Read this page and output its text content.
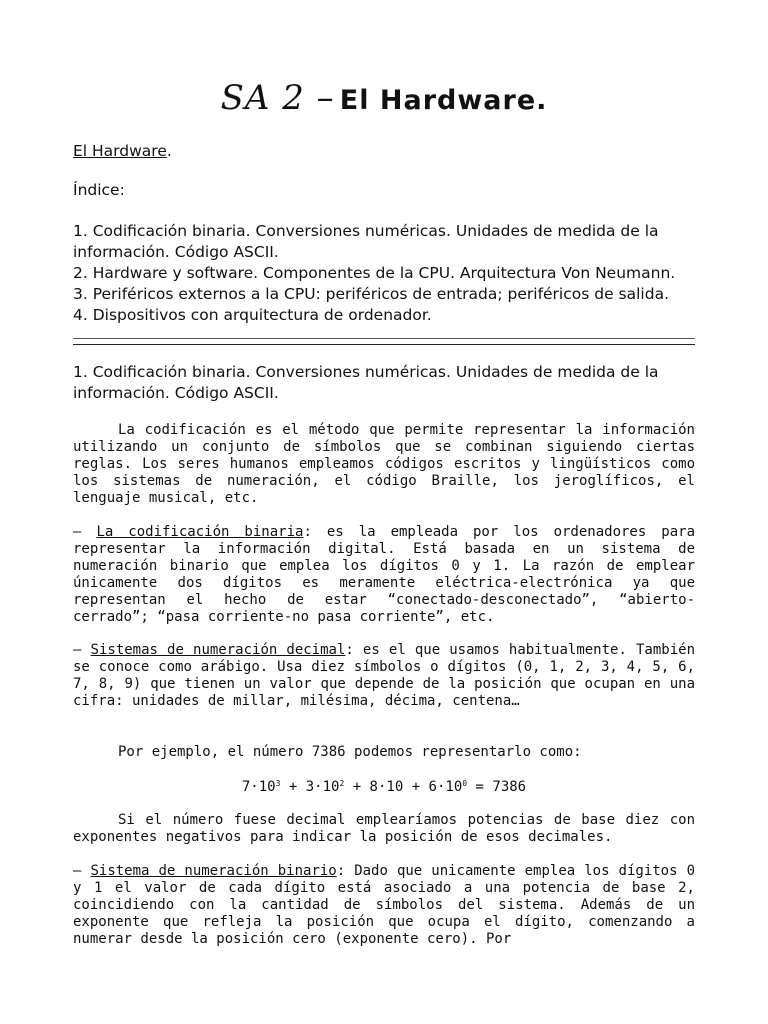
SA 2 – El Hardware.

El Hardware.

Índice:

1. Codificación binaria. Conversiones numéricas. Unidades de medida de la información. Código ASCII.
2. Hardware y software. Componentes de la CPU. Arquitectura Von Neumann.
3. Periféricos externos a la CPU: periféricos de entrada; periféricos de salida.
4. Dispositivos con arquitectura de ordenador.

1. Codificación binaria. Conversiones numéricas. Unidades de medida de la información. Código ASCII.

La codificación es el método que permite representar la información utilizando un conjunto de símbolos que se combinan siguiendo ciertas reglas. Los seres humanos empleamos códigos escritos y lingüísticos como los sistemas de numeración, el código Braille, los jeroglíficos, el lenguaje musical, etc.

– La codificación binaria: es la empleada por los ordenadores para representar la información digital. Está basada en un sistema de numeración binario que emplea los dígitos 0 y 1. La razón de emplear únicamente dos dígitos es meramente eléctrica-electrónica ya que representan el hecho de estar “conectado-desconectado”, “abierto-cerrado”; “pasa corriente-no pasa corriente”, etc.

– Sistemas de numeración decimal: es el que usamos habitualmente. También se conoce como arábigo. Usa diez símbolos o dígitos (0, 1, 2, 3, 4, 5, 6, 7, 8, 9) que tienen un valor que depende de la posición que ocupan en una cifra: unidades de millar, milésima, décima, centena…

Por ejemplo, el número 7386 podemos representarlo como:

$7\cdot 10^3 + 3\cdot 10^2 + 8\cdot 10 + 6\cdot 10^0 = 7386$

Si el número fuese decimal emplearíamos potencias de base diez con exponentes negativos para indicar la posición de esos decimales.

– Sistema de numeración binario: Dado que unicamente emplea los dígitos 0 y 1 el valor de cada dígito está asociado a una potencia de base 2, coincidiendo con la cantidad de símbolos del sistema. Además de un exponente que refleja la posición que ocupa el dígito, comenzando a numerar desde la posición cero (exponente cero). Por
